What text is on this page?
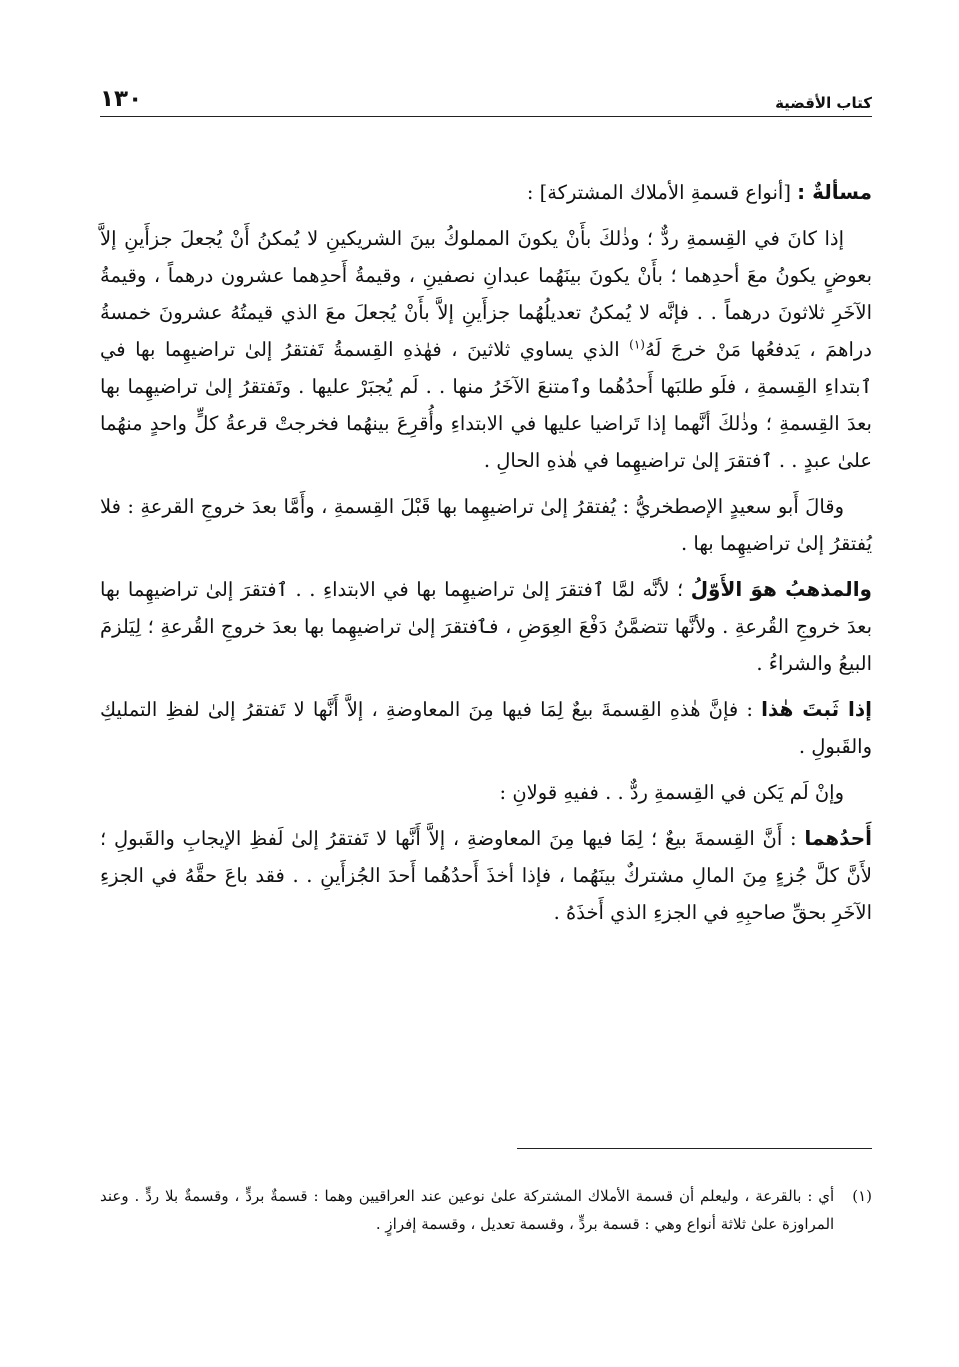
كتاب الأقضية
١٣٠

مسألةٌ : [أنواع قسمةِ الأملاك المشتركة] :

إذا كانَ في القِسمةِ ردٌّ ؛ وذٰلكَ بأَنْ يكونَ المملوكُ بينَ الشريكينِ لا يُمكنُ أَنْ يُجعلَ جزأَينِ إلاَّ بعوضٍ يكونُ معَ أحدِهما ؛ بأَنْ يكونَ بينَهُما عبدانِ نصفينِ ، وقيمةُ أَحدِهما عشرون درهماً ، وقيمةُ الآخَرِ ثلاثونَ درهماً . . فإنَّه لا يُمكنُ تعديلُهُما جزأَينِ إلاَّ بأَنْ يُجعلَ معَ الذي قيمتُهُ عشرونَ خمسةُ دراهمَ ، يَدفعُها مَنْ خرجَ لَهُ$^{(١)}$ الذي يساوي ثلاثينَ ، فهٰذهِ القِسمةُ تَفتقرُ إلىٰ تراضيهِما بها في ٱبتداءِ القِسمةِ ، فلَو طلبَها أَحدُهُما وٱمتنعَ الآخَرُ منها . . لَم يُجبَرْ عليها . وتَفتقرُ إلىٰ تراضيهِما بها بعدَ القِسمةِ ؛ وذٰلكَ أنَّهما إذا تَراضيا عليها في الابتداءِ وأُقرِعَ بينهُما فخرجتْ قرعةُ كلٍّ واحدٍ منهُما علىٰ عبدٍ . . ٱفتقرَ إلىٰ تراضيهِما في هٰذهِ الحالِ .

وقالَ أَبو سعيدٍ الإصطخريُّ : يُفتقرُ إلىٰ تراضيهِما بها قَبْلَ القِسمةِ ، وأَمَّا بعدَ خروجِ القرعةِ : فلا يُفتقرُ إلىٰ تراضيهِما بها .

والمذهبُ هوَ الأَوّلُ ؛ لأنَّه لمَّا ٱفتقرَ إلىٰ تراضيهِما بها في الابتداءِ . . ٱفتقرَ إلىٰ تراضيهِما بها بعدَ خروجِ القُرعةِ . ولأنَّها تتضمَّنُ دَفْعَ العِوَضِ ، فٱفتقرَ إلىٰ تراضيهِما بها بعدَ خروجِ القُرعةِ ؛ لِيَلزمَ البيعُ والشراءُ .

إذا ثَبتَ هٰذا : فإنَّ هٰذهِ القِسمةَ بيعٌ لِمَا فيها مِنَ المعاوضةِ ، إلاَّ أَنَّها لا تَفتقرُ إلىٰ لفظِ التمليكِ والقَبولِ .

وإنْ لَم يَكن في القِسمةِ ردٌّ . . ففيهِ قولانِ :

أَحدُهما : أَنَّ القِسمةَ بيعٌ ؛ لِمَا فيها مِنَ المعاوضةِ ، إلاَّ أَنَّها لا تَفتقرُ إلىٰ لَفظِ الإيجابِ والقَبولِ ؛ لأَنَّ كلَّ جُزءٍ مِنَ المالِ مشتركٌ بينَهُما ، فإذا أخذَ أَحدُهُما أَحدَ الجُزأَينِ . . فقد باعَ حقَّهُ في الجزءِ الآخَرِ بحقِّ صاحبِهِ في الجزءِ الذي أَخذَهُ .

(١)
أي : بالقرعة ، وليعلم أن قسمة الأملاك المشتركة علىٰ نوعين عند العراقيين وهما : قسمةٌ بردٍّ ، وقسمةٌ بلا ردٍّ . وعند المراوزة علىٰ ثلاثة أنواع وهي : قسمة بردٍّ ، وقسمة تعديل ، وقسمة إفرازٍ .
